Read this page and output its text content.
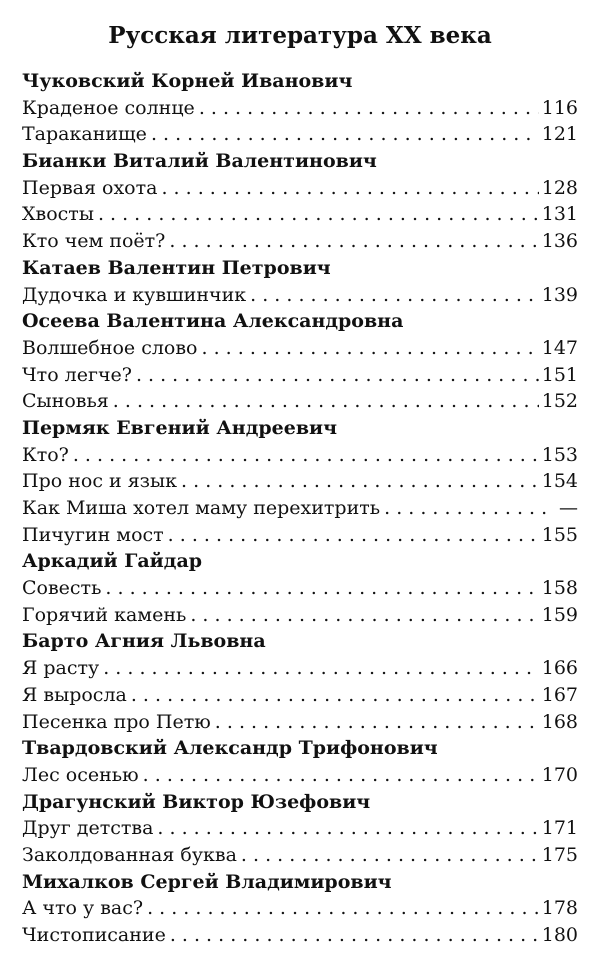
Русская литература XX века
Чуковский Корней Иванович
Краденое солнце . . .	116
Тараканище . . .	121
Бианки Виталий Валентинович
Первая охота . . .	128
Хвосты . . .	131
Кто чем поёт? . . .	136
Катаев Валентин Петрович
Дудочка и кувшинчик . . .	139
Осеева Валентина Александровна
Волшебное слово . . .	147
Что легче? . . .	151
Сыновья . . .	152
Пермяк Евгений Андреевич
Кто? . . .	153
Про нос и язык . . .	154
Как Миша хотел маму перехитрить . . .	—
Пичугин мост . . .	155
Аркадий Гайдар
Совесть . . .	158
Горячий камень . . .	159
Барто Агния Львовна
Я расту . . .	166
Я выросла . . .	167
Песенка про Петю . . .	168
Твардовский Александр Трифонович
Лес осенью . . .	170
Драгунский Виктор Юзефович
Друг детства . . .	171
Заколдованная буква . . .	175
Михалков Сергей Владимирович
А что у вас? . . .	178
Чистописание . . .	180
